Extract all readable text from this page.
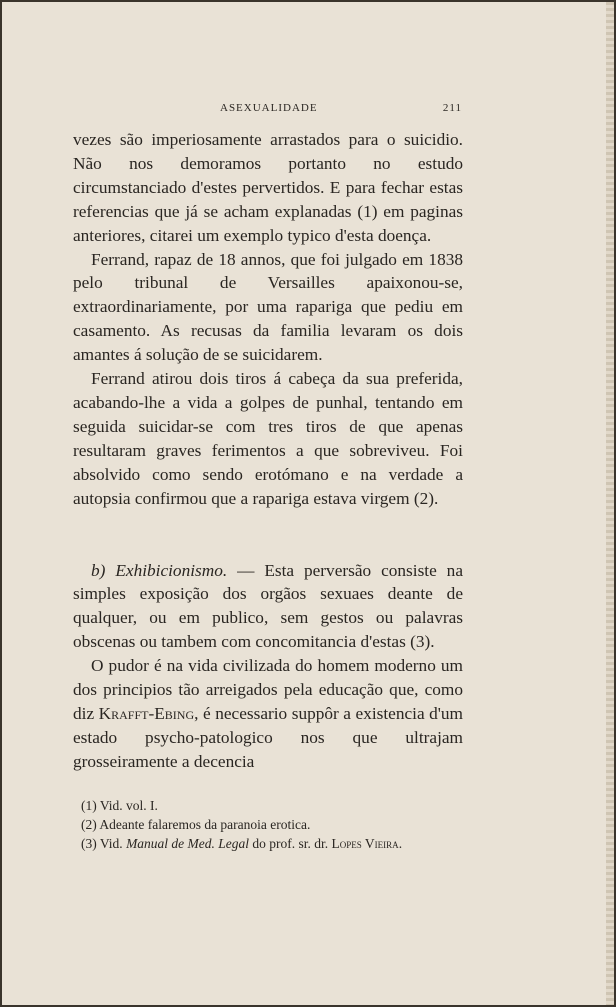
ASEXUALIDADE	211

vezes são imperiosamente arrastados para o suicidio. Não nos demoramos portanto no estudo circumstanciado d'estes pervertidos. E para fechar estas referencias que já se acham explanadas (1) em paginas anteriores, citarei um exemplo typico d'esta doença.

Ferrand, rapaz de 18 annos, que foi julgado em 1838 pelo tribunal de Versailles apaixonou-se, extraordinariamente, por uma rapariga que pediu em casamento. As recusas da familia levaram os dois amantes á solução de se suicidarem.

Ferrand atirou dois tiros á cabeça da sua preferida, acabando-lhe a vida a golpes de punhal, tentando em seguida suicidar-se com tres tiros de que apenas resultaram graves ferimentos a que sobreviveu. Foi absolvido como sendo erotómano e na verdade a autopsia confirmou que a rapariga estava virgem (2).

b) Exhibicionismo. — Esta perversão consiste na simples exposição dos orgãos sexuaes deante de qualquer, ou em publico, sem gestos ou palavras obscenas ou tambem com concomitancia d'estas (3).

O pudor é na vida civilizada do homem moderno um dos principios tão arreigados pela educação que, como diz Krafft-Ebing, é necessario suppôr a existencia d'um estado psycho-patologico nos que ultrajam grosseiramente a decencia

(1) Vid. vol. I.

(2) Adeante falaremos da paranoia erotica.

(3) Vid. Manual de Med. Legal do prof. sr. dr. Lopes Vieira.
